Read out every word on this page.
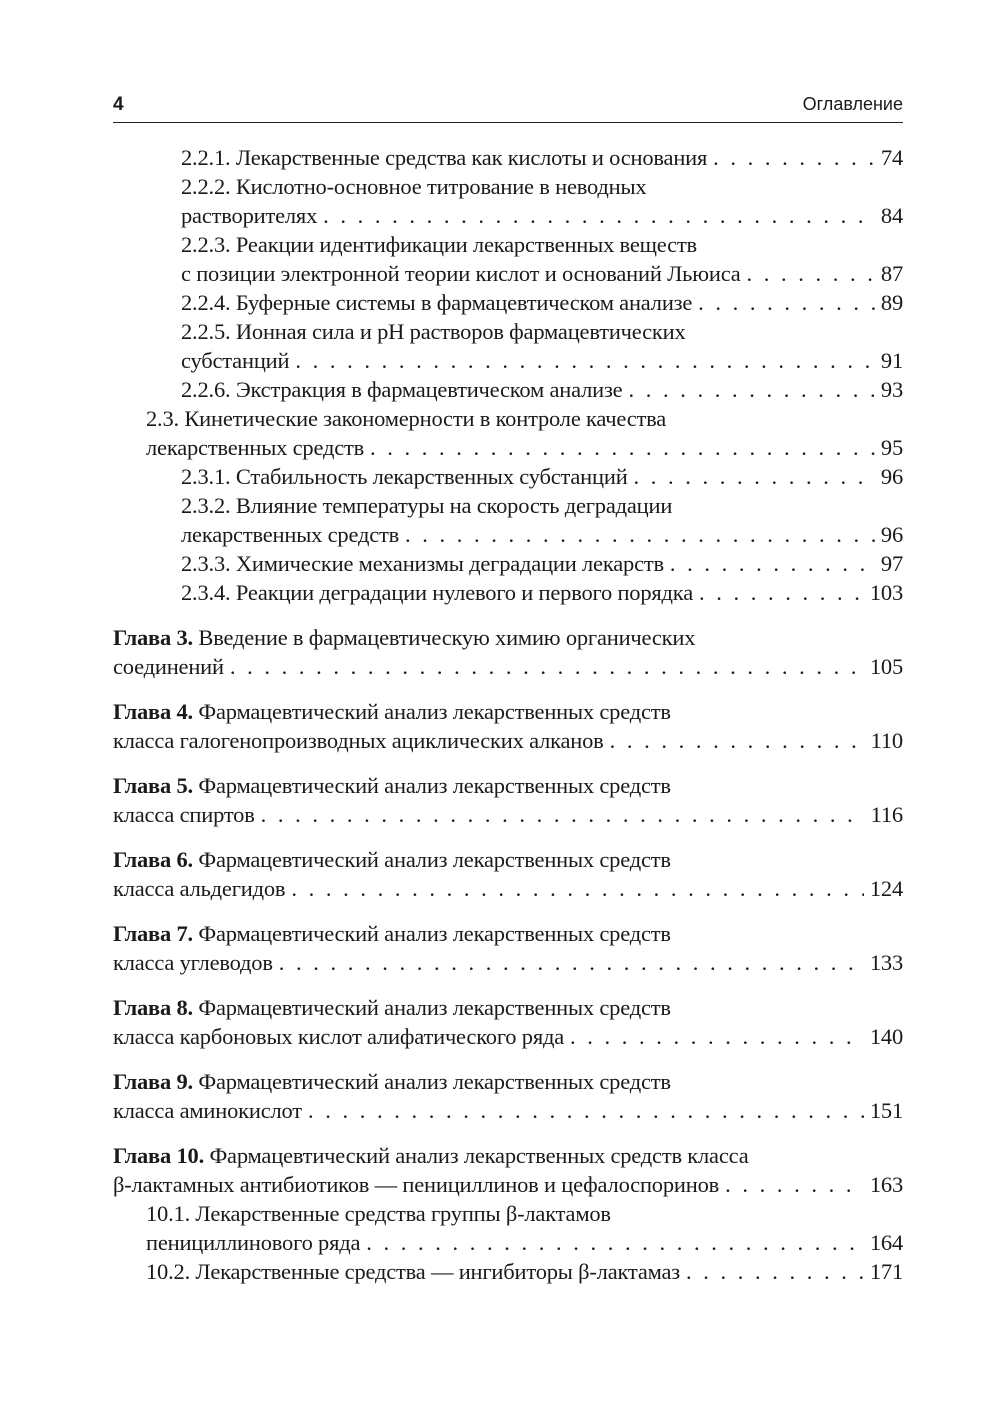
4	Оглавление
2.2.1. Лекарственные средства как кислоты и основания . . .	74
2.2.2. Кислотно-основное титрование в неводных
растворителях . . .	84
2.2.3. Реакции идентификации лекарственных веществ
с позиции электронной теории кислот и оснований Льюиса . . .	87
2.2.4. Буферные системы в фармацевтическом анализе . . .	89
2.2.5. Ионная сила и рН растворов фармацевтических
субстанций . . .	91
2.2.6. Экстракция в фармацевтическом анализе . . .	93
2.3. Кинетические закономерности в контроле качества
лекарственных средств . . .	95
2.3.1. Стабильность лекарственных субстанций . . .	96
2.3.2. Влияние температуры на скорость деградации
лекарственных средств . . .	96
2.3.3. Химические механизмы деградации лекарств . . .	97
2.3.4. Реакции деградации нулевого и первого порядка . . .	103
Глава 3. Введение в фармацевтическую химию органических
соединений . . .	105
Глава 4. Фармацевтический анализ лекарственных средств
класса галогенопроизводных ациклических алканов . . .	110
Глава 5. Фармацевтический анализ лекарственных средств
класса спиртов . . .	116
Глава 6. Фармацевтический анализ лекарственных средств
класса альдегидов . . .	124
Глава 7. Фармацевтический анализ лекарственных средств
класса углеводов . . .	133
Глава 8. Фармацевтический анализ лекарственных средств
класса карбоновых кислот алифатического ряда . . .	140
Глава 9. Фармацевтический анализ лекарственных средств
класса аминокислот . . .	151
Глава 10. Фармацевтический анализ лекарственных средств класса
β-лактамных антибиотиков — пенициллинов и цефалоспоринов . . .	163
10.1. Лекарственные средства группы β-лактамов
пенициллинового ряда . . .	164
10.2. Лекарственные средства — ингибиторы β-лактамаз . . .	171
